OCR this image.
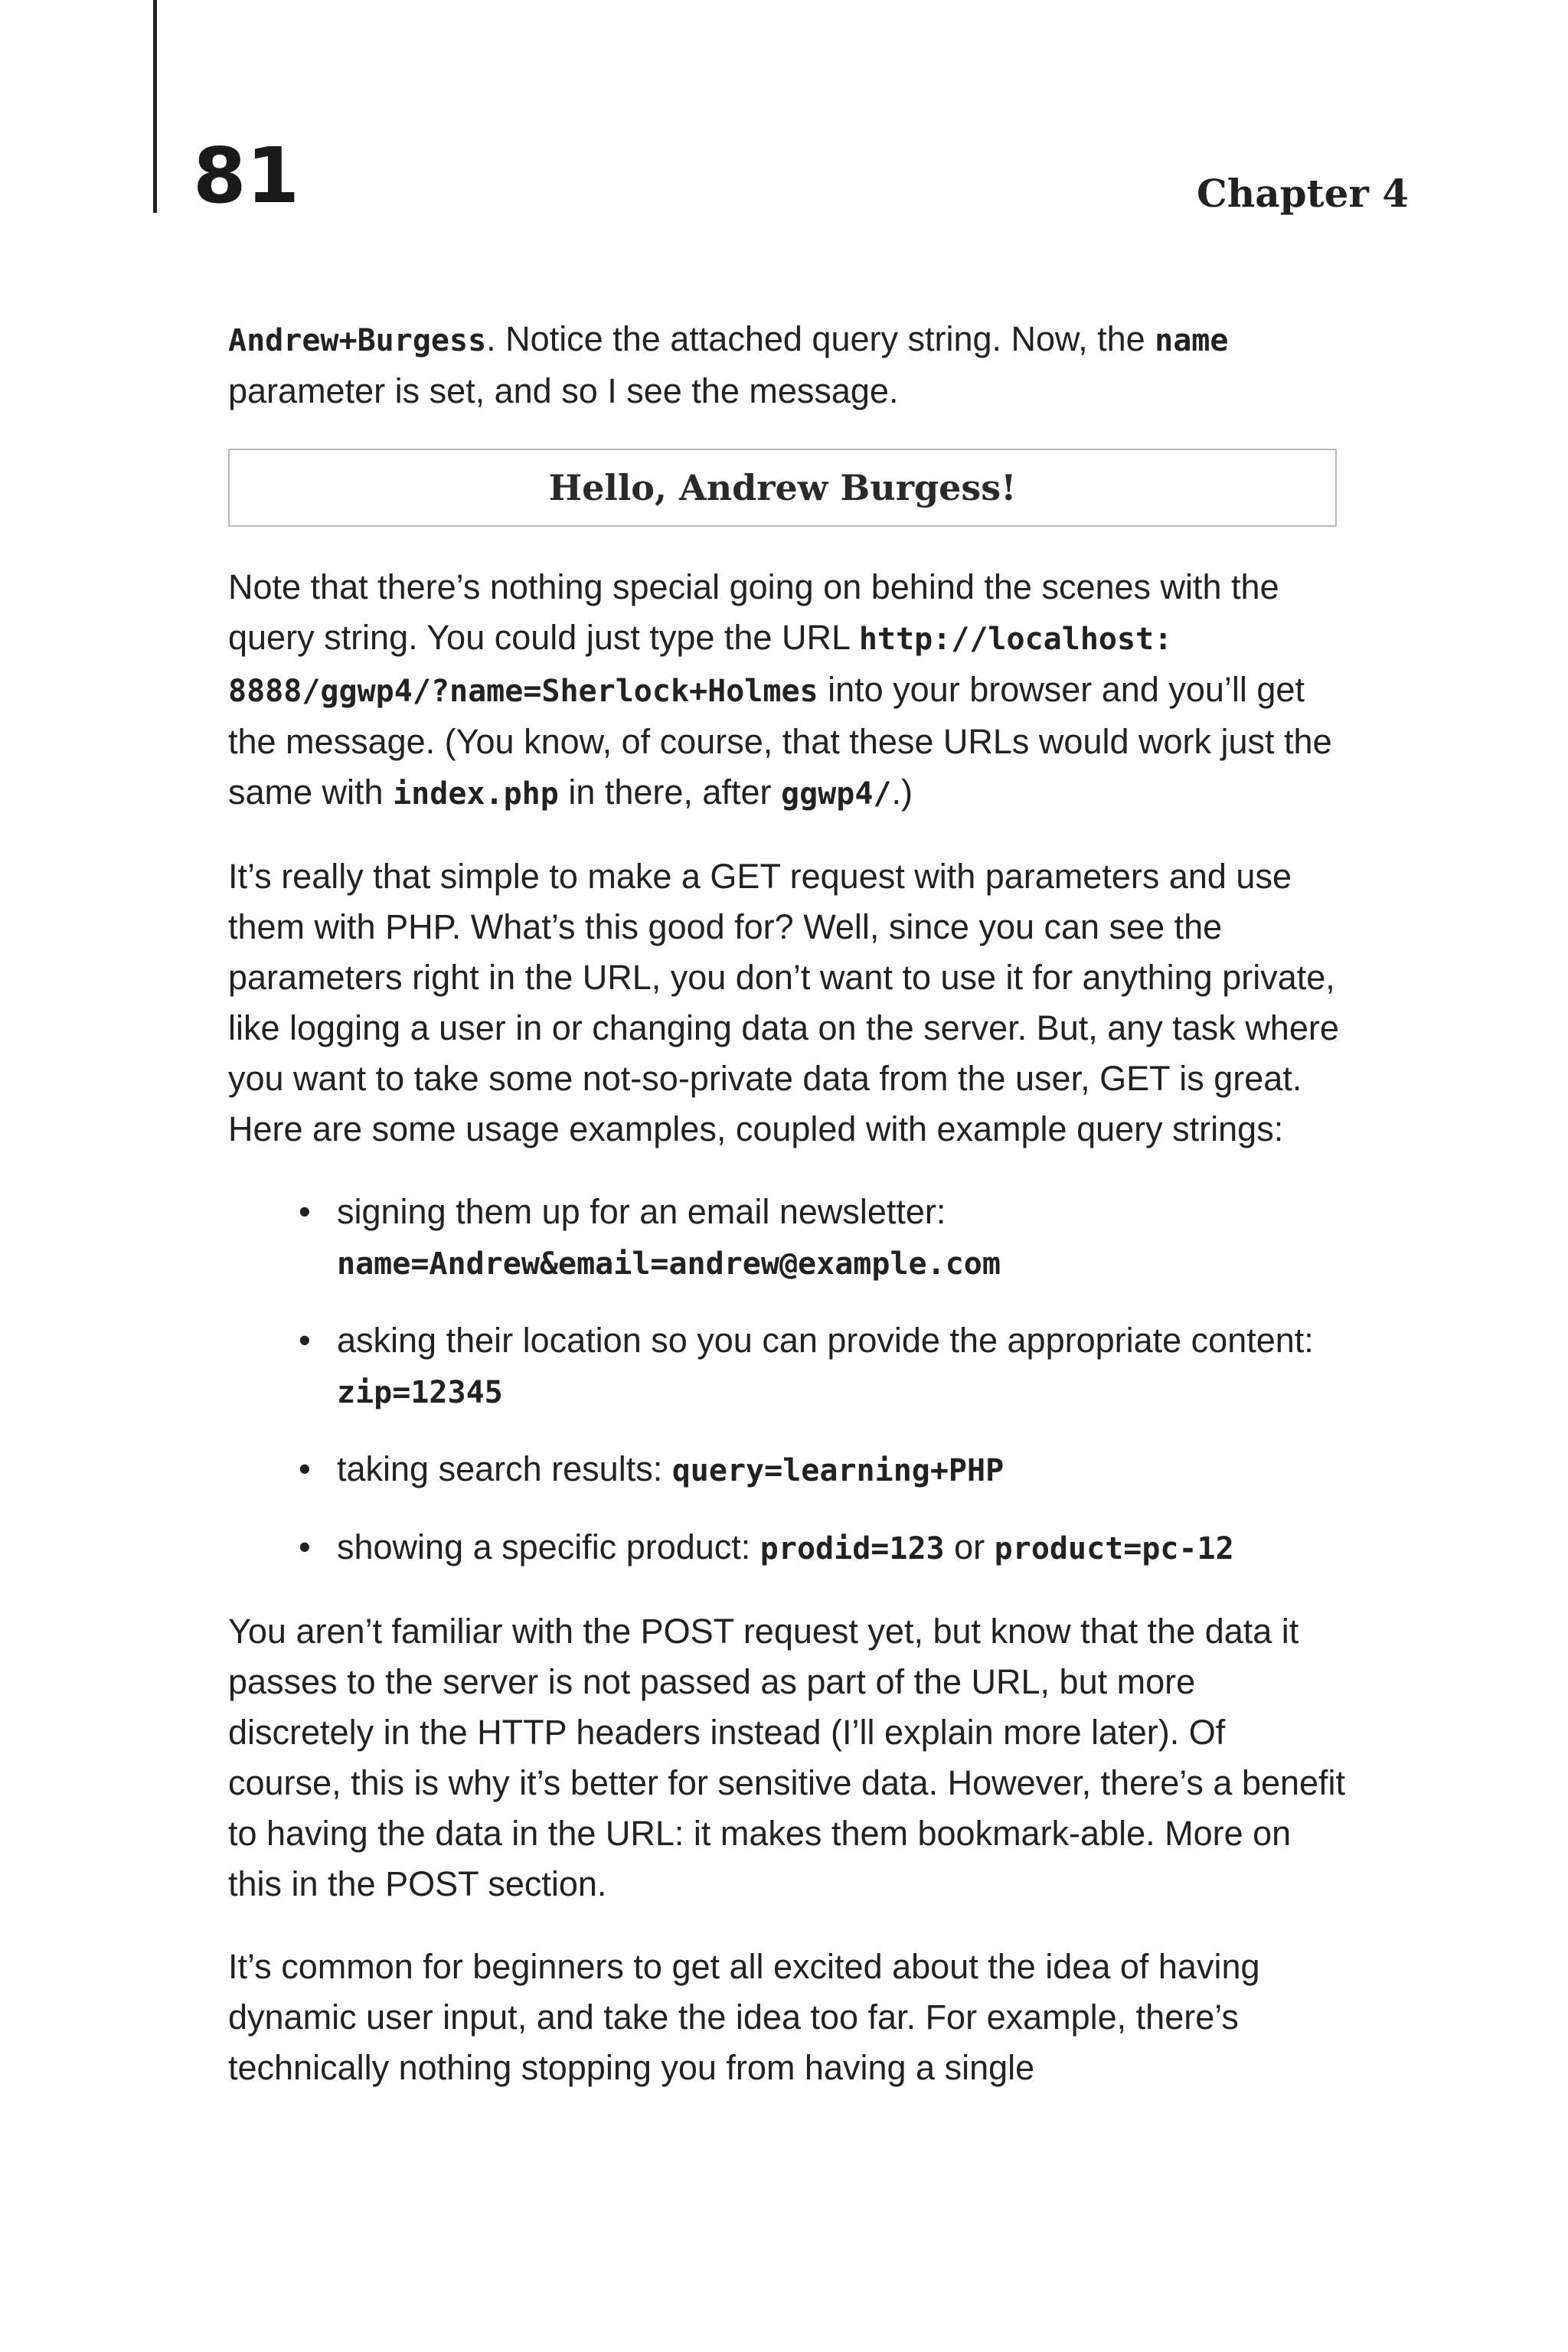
81	Chapter 4

Andrew+Burgess. Notice the attached query string. Now, the name parameter is set, and so I see the message.

Hello, Andrew Burgess!

Note that there’s nothing special going on behind the scenes with the query string. You could just type the URL http://localhost:
8888/ggwp4/?name=Sherlock+Holmes into your browser and you’ll get the message. (You know, of course, that these URLs would work just the same with index.php in there, after ggwp4/.)

It’s really that simple to make a GET request with parameters and use them with PHP. What’s this good for? Well, since you can see the parameters right in the URL, you don’t want to use it for anything private, like logging a user in or changing data on the server. But, any task where you want to take some not-so-private data from the user, GET is great. Here are some usage examples, coupled with example query strings:

• signing them up for an email newsletter:
name=Andrew&email=andrew@example.com
• asking their location so you can provide the appropriate content: zip=12345
• taking search results: query=learning+PHP
• showing a specific product: prodid=123 or product=pc-12

You aren’t familiar with the POST request yet, but know that the data it passes to the server is not passed as part of the URL, but more discretely in the HTTP headers instead (I’ll explain more later). Of course, this is why it’s better for sensitive data. However, there’s a benefit to having the data in the URL: it makes them bookmark-able. More on this in the POST section.

It’s common for beginners to get all excited about the idea of having dynamic user input, and take the idea too far. For example, there’s technically nothing stopping you from having a single
